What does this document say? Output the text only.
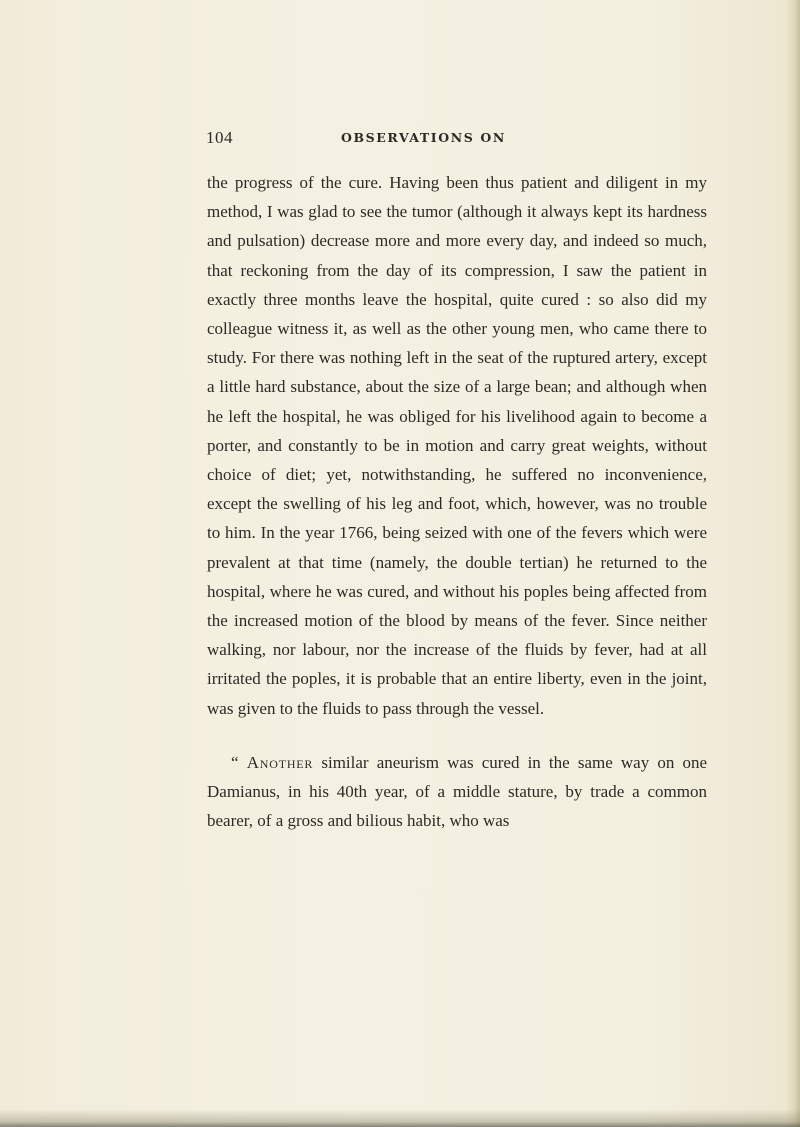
104	OBSERVATIONS ON

the progress of the cure. Having been thus patient and diligent in my method, I was glad to see the tumor (although it always kept its hardness and pulsation) decrease more and more every day, and indeed so much, that reckoning from the day of its compression, I saw the patient in exactly three months leave the hospital, quite cured : so also did my colleague witness it, as well as the other young men, who came there to study. For there was nothing left in the seat of the ruptured artery, except a little hard substance, about the size of a large bean; and although when he left the hospital, he was obliged for his livelihood again to become a porter, and constantly to be in motion and carry great weights, without choice of diet; yet, notwithstanding, he suffered no inconvenience, except the swelling of his leg and foot, which, however, was no trouble to him. In the year 1766, being seized with one of the fevers which were prevalent at that time (namely, the double tertian) he returned to the hospital, where he was cured, and without his poples being affected from the increased motion of the blood by means of the fever. Since neither walking, nor labour, nor the increase of the fluids by fever, had at all irritated the poples, it is probable that an entire liberty, even in the joint, was given to the fluids to pass through the vessel.

“ Another similar aneurism was cured in the same way on one Damianus, in his 40th year, of a middle stature, by trade a common bearer, of a gross and bilious habit, who was
